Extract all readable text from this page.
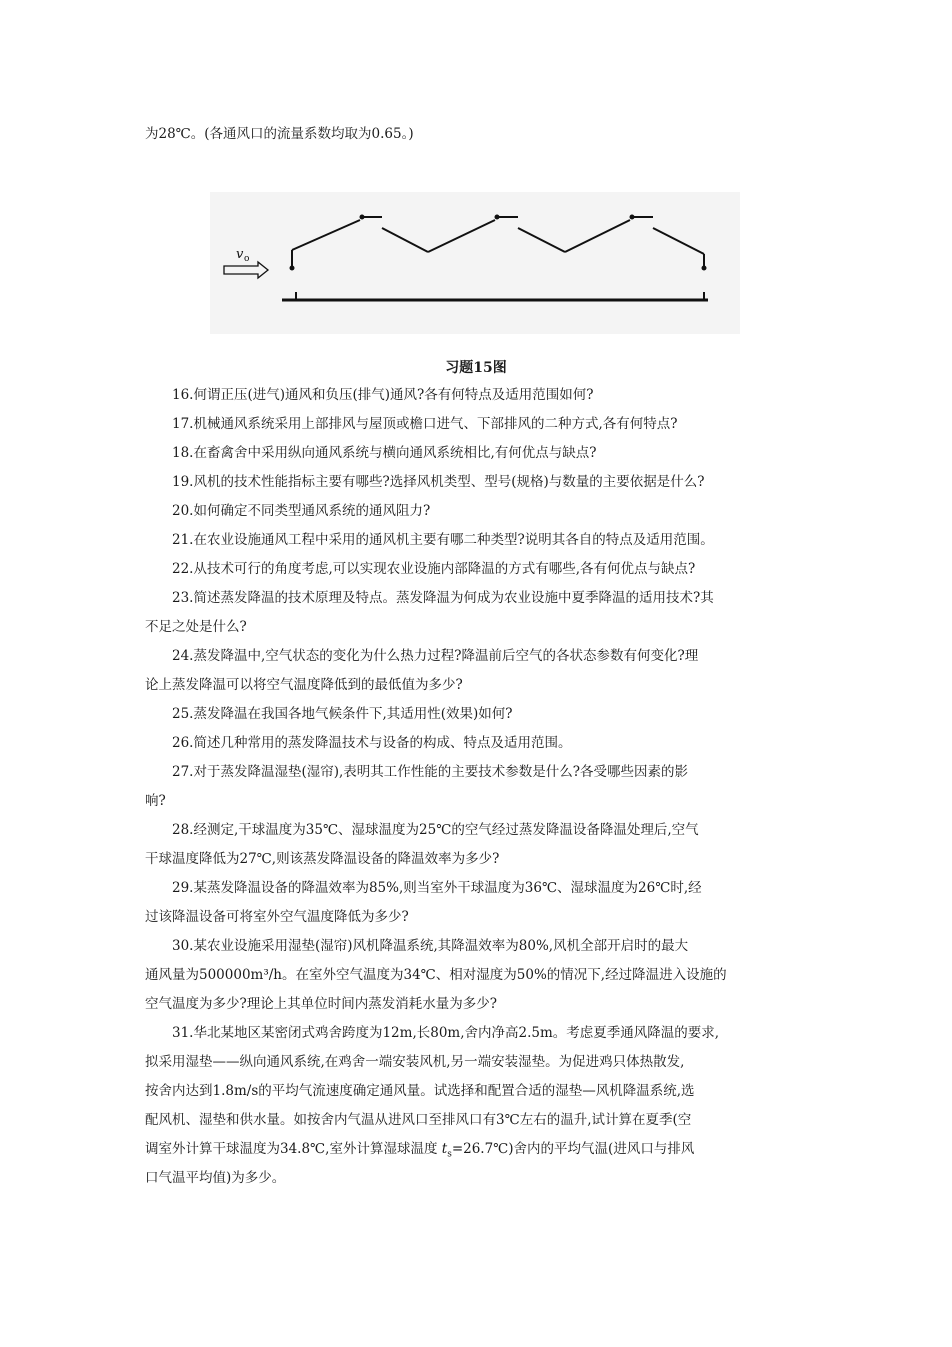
为28℃。(各通风口的流量系数均取为0.65。)
v o
习题15图
16.何谓正压(进气)通风和负压(排气)通风?各有何特点及适用范围如何?
17.机械通风系统采用上部排风与屋顶或檐口进气、下部排风的二种方式,各有何特点?
18.在畜禽舍中采用纵向通风系统与横向通风系统相比,有何优点与缺点?
19.风机的技术性能指标主要有哪些?选择风机类型、型号(规格)与数量的主要依据是什么?
20.如何确定不同类型通风系统的通风阻力?
21.在农业设施通风工程中采用的通风机主要有哪二种类型?说明其各自的特点及适用范围。
22.从技术可行的角度考虑,可以实现农业设施内部降温的方式有哪些,各有何优点与缺点?
23.简述蒸发降温的技术原理及特点。蒸发降温为何成为农业设施中夏季降温的适用技术?其
不足之处是什么?
24.蒸发降温中,空气状态的变化为什么热力过程?降温前后空气的各状态参数有何变化?理
论上蒸发降温可以将空气温度降低到的最低值为多少?
25.蒸发降温在我国各地气候条件下,其适用性(效果)如何?
26.简述几种常用的蒸发降温技术与设备的构成、特点及适用范围。
27.对于蒸发降温湿垫(湿帘),表明其工作性能的主要技术参数是什么?各受哪些因素的影
响?
28.经测定,干球温度为35℃、湿球温度为25℃的空气经过蒸发降温设备降温处理后,空气
干球温度降低为27℃,则该蒸发降温设备的降温效率为多少?
29.某蒸发降温设备的降温效率为85%,则当室外干球温度为36℃、湿球温度为26℃时,经
过该降温设备可将室外空气温度降低为多少?
30.某农业设施采用湿垫(湿帘)风机降温系统,其降温效率为80%,风机全部开启时的最大
通风量为500000m³/h。在室外空气温度为34℃、相对湿度为50%的情况下,经过降温进入设施的
空气温度为多少?理论上其单位时间内蒸发消耗水量为多少?
31.华北某地区某密闭式鸡舍跨度为12m,长80m,舍内净高2.5m。考虑夏季通风降温的要求,
拟采用湿垫——纵向通风系统,在鸡舍一端安装风机,另一端安装湿垫。为促进鸡只体热散发,
按舍内达到1.8m/s的平均气流速度确定通风量。试选择和配置合适的湿垫—风机降温系统,选
配风机、湿垫和供水量。如按舍内气温从进风口至排风口有3℃左右的温升,试计算在夏季(空
调室外计算干球温度为34.8℃,室外计算湿球温度 $t_s=26.7℃$)舍内的平均气温(进风口与排风
口气温平均值)为多少。
